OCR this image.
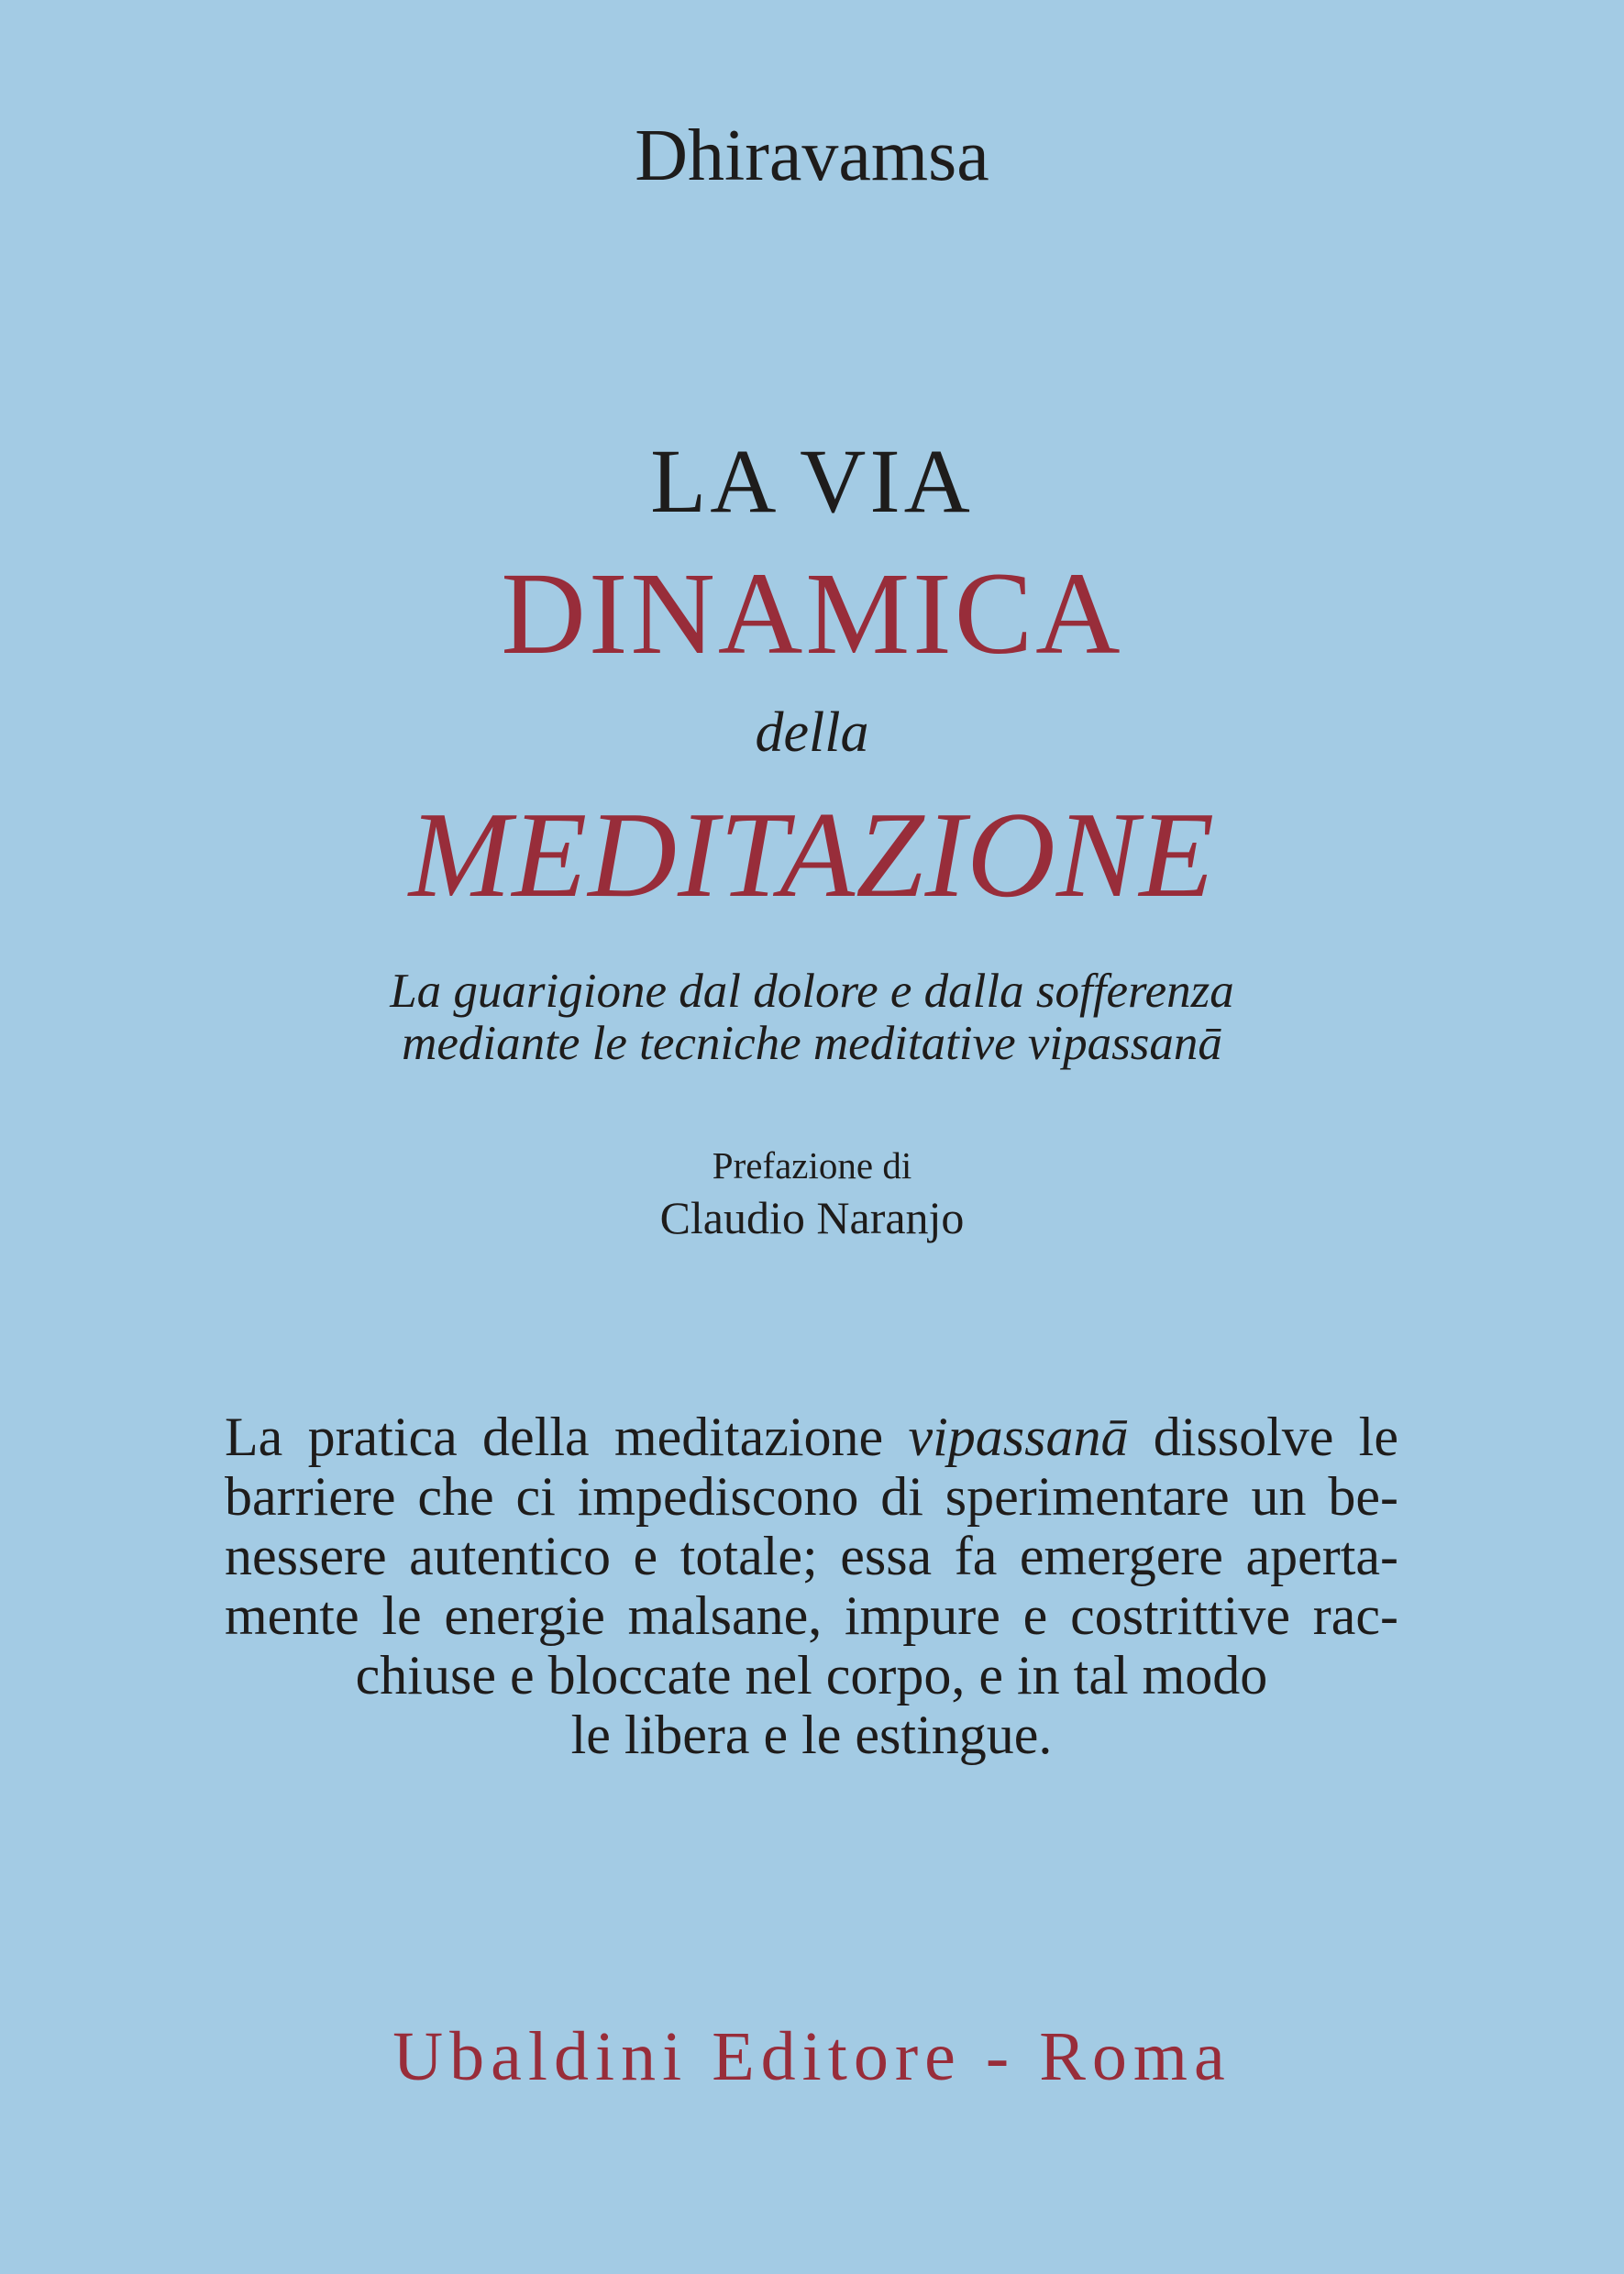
Dhiravamsa
LA VIA
DINAMICA
della
MEDITAZIONE
La guarigione dal dolore e dalla sofferenza
mediante le tecniche meditative vipassanā
Prefazione di
Claudio Naranjo
La pratica della meditazione vipassanā dissolve le
barriere che ci impediscono di sperimentare un be-
nessere autentico e totale; essa fa emergere aperta-
mente le energie malsane, impure e costrittive rac-
chiuse e bloccate nel corpo, e in tal modo
le libera e le estingue.
Ubaldini Editore - Roma
